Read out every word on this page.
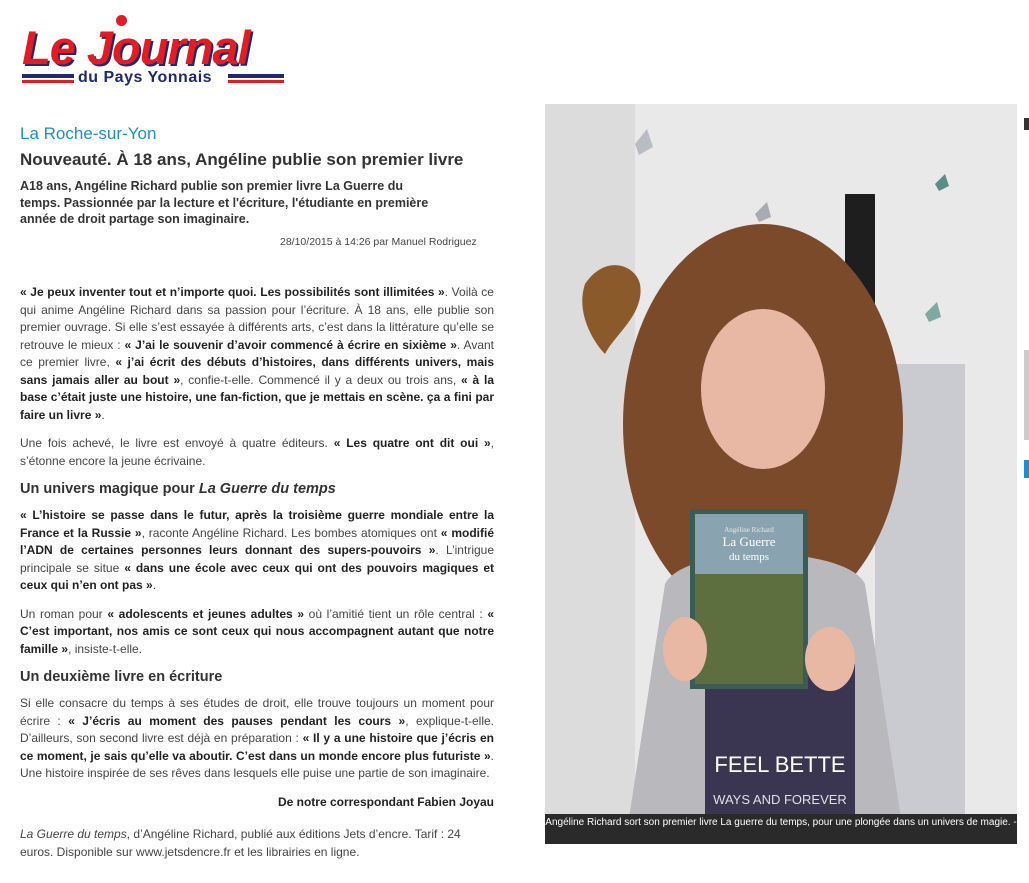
Le Journal
du Pays Yonnais
La Roche-sur-Yon
Nouveauté. À 18 ans, Angéline publie son premier livre
A18 ans, Angéline Richard publie son premier livre La Guerre du temps. Passionnée par la lecture et l'écriture, l'étudiante en première année de droit partage son imaginaire.
28/10/2015 à 14:26 par Manuel Rodriguez

« Je peux inventer tout et n’importe quoi. Les possibilités sont illimitées ». Voilà ce qui anime Angéline Richard dans sa passion pour l’écriture. À 18 ans, elle publie son premier ouvrage. Si elle s’est essayée à différents arts, c’est dans la littérature qu’elle se retrouve le mieux : « J’ai le souvenir d’avoir commencé à écrire en sixième ». Avant ce premier livre, « j’ai écrit des débuts d’histoires, dans différents univers, mais sans jamais aller au bout », confie-t-elle. Commencé il y a deux ou trois ans, « à la base c’était juste une histoire, une fan-fiction, que je mettais en scène. ça a fini par faire un livre ».

Une fois achevé, le livre est envoyé à quatre éditeurs. « Les quatre ont dit oui », s’étonne encore la jeune écrivaine.

Un univers magique pour La Guerre du temps

« L’histoire se passe dans le futur, après la troisième guerre mondiale entre la France et la Russie », raconte Angéline Richard. Les bombes atomiques ont « modifié l’ADN de certaines personnes leurs donnant des supers-pouvoirs ». L’intrigue principale se situe « dans une école avec ceux qui ont des pouvoirs magiques et ceux qui n’en ont pas ».

Un roman pour « adolescents et jeunes adultes » où l’amitié tient un rôle central : « C’est important, nos amis ce sont ceux qui nous accompagnent autant que notre famille », insiste-t-elle.

Un deuxième livre en écriture

Si elle consacre du temps à ses études de droit, elle trouve toujours un moment pour écrire : « J’écris au moment des pauses pendant les cours », explique-t-elle. D’ailleurs, son second livre est déjà en préparation : « Il y a une histoire que j’écris en ce moment, je sais qu’elle va aboutir. C’est dans un monde encore plus futuriste ». Une histoire inspirée de ses rêves dans lesquels elle puise une partie de son imaginaire.

De notre correspondant Fabien Joyau

La Guerre du temps, d’Angéline Richard, publié aux éditions Jets d’encre. Tarif : 24 euros. Disponible sur www.jetsdencre.fr et les librairies en ligne.
Angéline Richard
La Guerre
du temps
FEEL BETTE
WAYS AND FOREVER
Angéline Richard sort son premier livre La guerre du temps, pour une plongée dans un univers de magie. -
